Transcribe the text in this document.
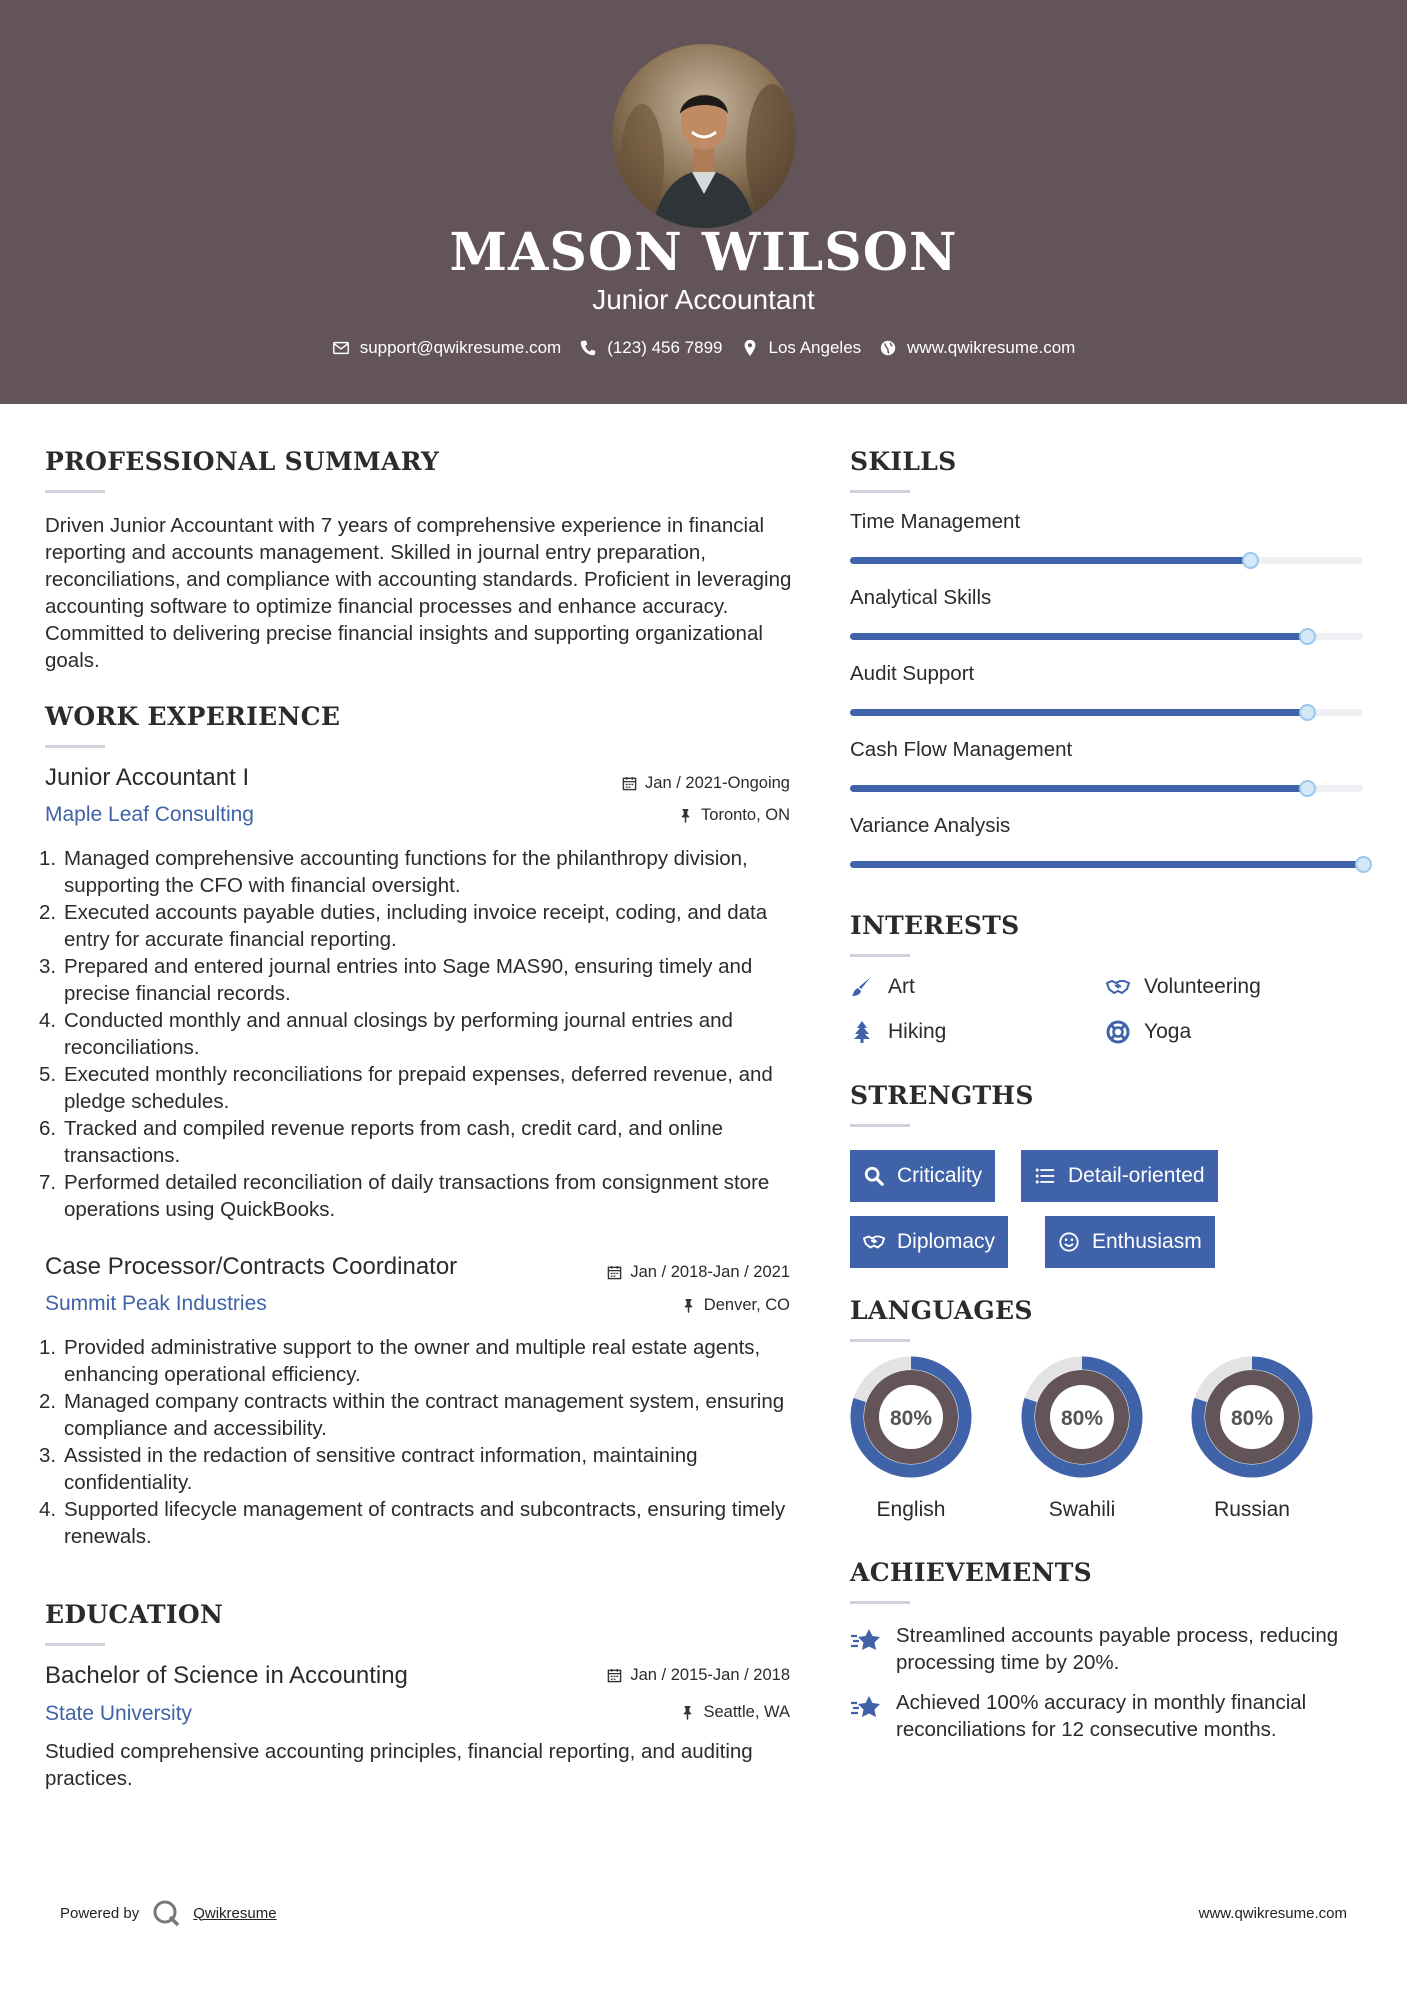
MASON WILSON
Junior Accountant
support@qwikresume.com	(123) 456 7899	Los Angeles	www.qwikresume.com
PROFESSIONAL SUMMARY
Driven Junior Accountant with 7 years of comprehensive experience in financial reporting and accounts management. Skilled in journal entry preparation, reconciliations, and compliance with accounting standards. Proficient in leveraging accounting software to optimize financial processes and enhance accuracy. Committed to delivering precise financial insights and supporting organizational goals.
WORK EXPERIENCE
Junior Accountant I	Jan / 2021-Ongoing
Maple Leaf Consulting	Toronto, ON
1. Managed comprehensive accounting functions for the philanthropy division, supporting the CFO with financial oversight.
2. Executed accounts payable duties, including invoice receipt, coding, and data entry for accurate financial reporting.
3. Prepared and entered journal entries into Sage MAS90, ensuring timely and precise financial records.
4. Conducted monthly and annual closings by performing journal entries and reconciliations.
5. Executed monthly reconciliations for prepaid expenses, deferred revenue, and pledge schedules.
6. Tracked and compiled revenue reports from cash, credit card, and online transactions.
7. Performed detailed reconciliation of daily transactions from consignment store operations using QuickBooks.
Case Processor/Contracts Coordinator	Jan / 2018-Jan / 2021
Summit Peak Industries	Denver, CO
1. Provided administrative support to the owner and multiple real estate agents, enhancing operational efficiency.
2. Managed company contracts within the contract management system, ensuring compliance and accessibility.
3. Assisted in the redaction of sensitive contract information, maintaining confidentiality.
4. Supported lifecycle management of contracts and subcontracts, ensuring timely renewals.
EDUCATION
Bachelor of Science in Accounting	Jan / 2015-Jan / 2018
State University	Seattle, WA
Studied comprehensive accounting principles, financial reporting, and auditing practices.
SKILLS
Time Management
Analytical Skills
Audit Support
Cash Flow Management
Variance Analysis
INTERESTS
Art	Volunteering
Hiking	Yoga
STRENGTHS
Criticality	Detail-oriented
Diplomacy	Enthusiasm
LANGUAGES
80%
English
80%
Swahili
80%
Russian
ACHIEVEMENTS
Streamlined accounts payable process, reducing processing time by 20%.
Achieved 100% accuracy in monthly financial reconciliations for 12 consecutive months.
Powered by	Qwikresume	www.qwikresume.com
